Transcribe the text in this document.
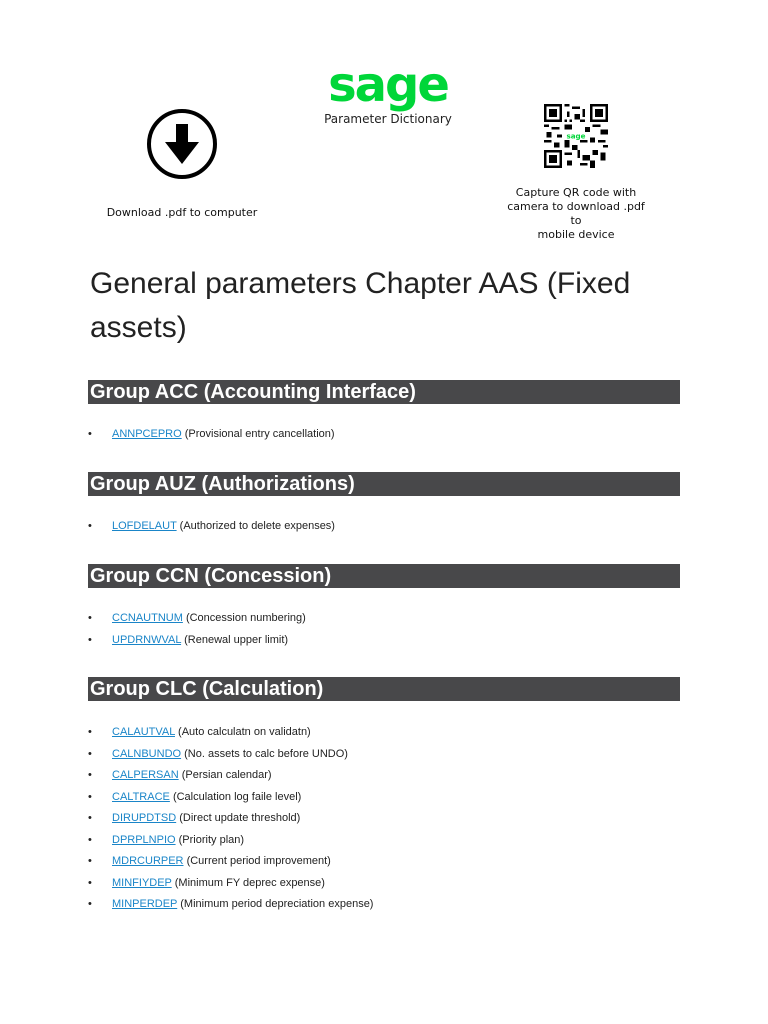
Download .pdf to computer
sage
Parameter Dictionary
sage
Capture QR code with
camera to download .pdf to
mobile device
General parameters Chapter AAS (Fixed assets)
Group ACC (Accounting Interface)
• ANNPCEPRO (Provisional entry cancellation)
Group AUZ (Authorizations)
• LOFDELAUT (Authorized to delete expenses)
Group CCN (Concession)
• CCNAUTNUM (Concession numbering)
• UPDRNWVAL (Renewal upper limit)
Group CLC (Calculation)
• CALAUTVAL (Auto calculatn on validatn)
• CALNBUNDO (No. assets to calc before UNDO)
• CALPERSAN (Persian calendar)
• CALTRACE (Calculation log faile level)
• DIRUPDTSD (Direct update threshold)
• DPRPLNPIO (Priority plan)
• MDRCURPER (Current period improvement)
• MINFIYDEP (Minimum FY deprec expense)
• MINPERDEP (Minimum period depreciation expense)
